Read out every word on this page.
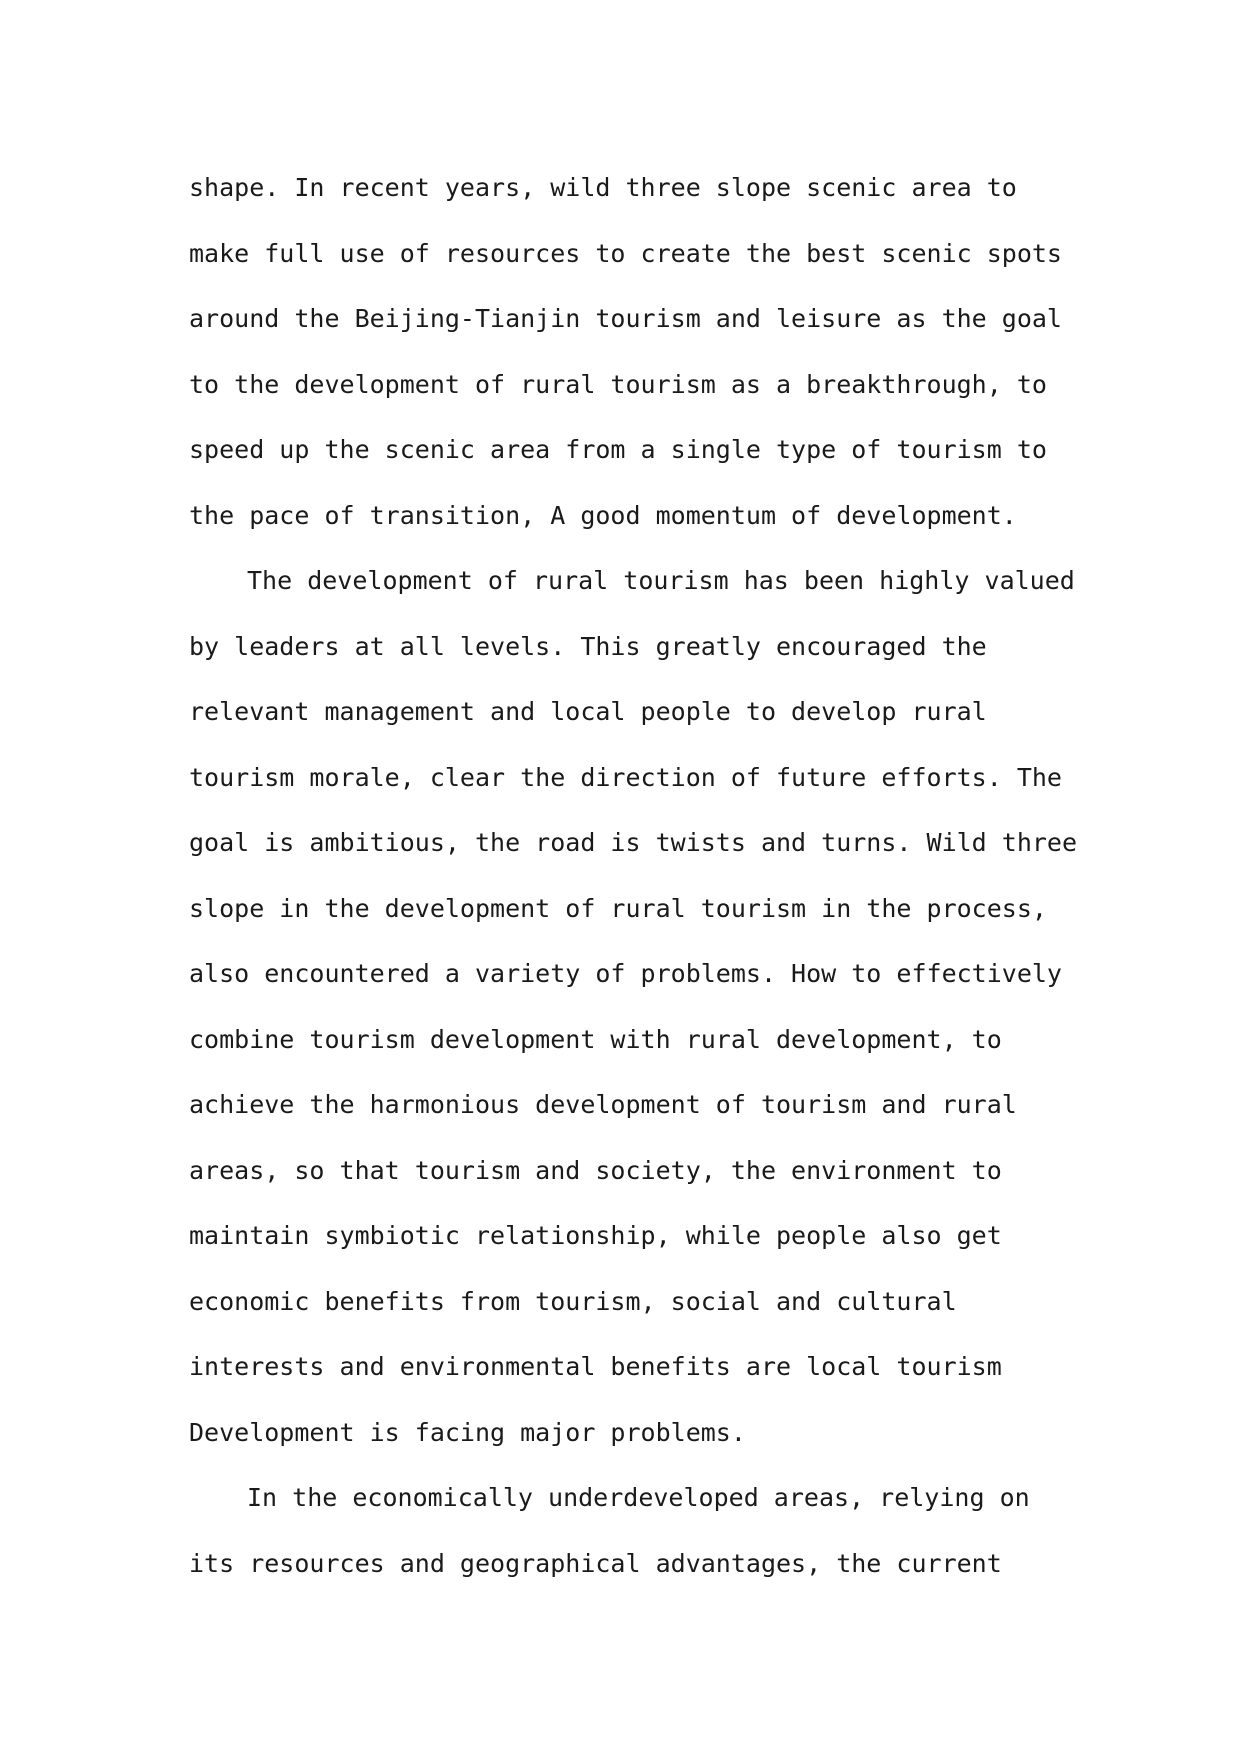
shape. In recent years, wild three slope scenic area to
make full use of resources to create the best scenic spots
around the Beijing-Tianjin tourism and leisure as the goal
to the development of rural tourism as a breakthrough, to
speed up the scenic area from a single type of tourism to
the pace of transition, A good momentum of development.
The development of rural tourism has been highly valued
by leaders at all levels. This greatly encouraged the
relevant management and local people to develop rural
tourism morale, clear the direction of future efforts. The
goal is ambitious, the road is twists and turns. Wild three
slope in the development of rural tourism in the process,
also encountered a variety of problems. How to effectively
combine tourism development with rural development, to
achieve the harmonious development of tourism and rural
areas, so that tourism and society, the environment to
maintain symbiotic relationship, while people also get
economic benefits from tourism, social and cultural
interests and environmental benefits are local tourism
Development is facing major problems.
In the economically underdeveloped areas, relying on
its resources and geographical advantages, the current
